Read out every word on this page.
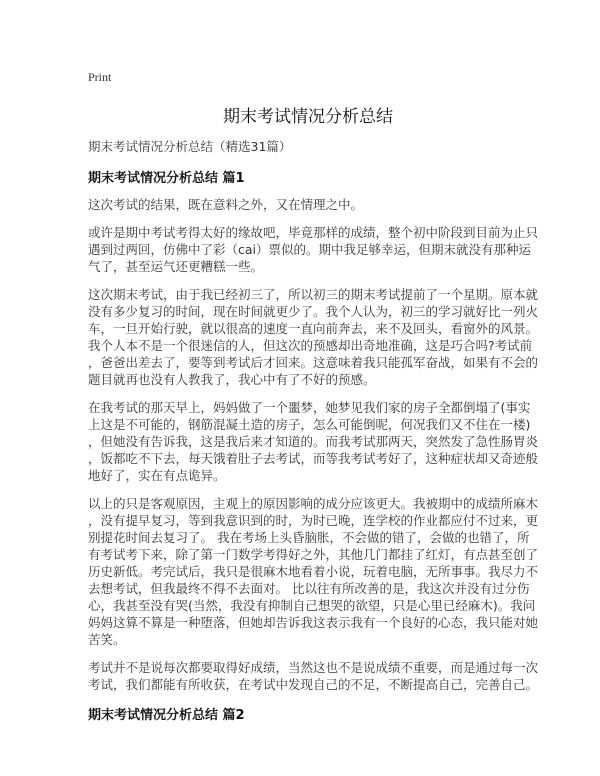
Print
期末考试情况分析总结
期末考试情况分析总结（精选31篇）
期末考试情况分析总结 篇1
这次考试的结果，既在意料之外，又在情理之中。
或许是期中考试考得太好的缘故吧，毕竟那样的成绩，整个初中阶段到目前为止只
遇到过两回，仿佛中了彩（cai）票似的。期中我足够幸运，但期末就没有那种运
气了，甚至运气还更糟糕一些。
这次期末考试，由于我已经初三了，所以初三的期末考试提前了一个星期。原本就
没有多少复习的时间，现在时间就更少了。我个人认为，初三的学习就好比一列火
车，一旦开始行驶，就以很高的速度一直向前奔去，来不及回头，看窗外的风景。
我个人本不是一个很迷信的人，但这次的预感却出奇地准确，这是巧合吗?考试前
，爸爸出差去了，要等到考试后才回来。这意味着我只能孤军奋战，如果有不会的
题目就再也没有人教我了，我心中有了不好的预感。
在我考试的那天早上，妈妈做了一个噩梦，她梦见我们家的房子全都倒塌了(事实
上这是不可能的，钢筋混凝土造的房子，怎么可能倒呢，何况我们又不住在一楼)
，但她没有告诉我，这是我后来才知道的。而我考试那两天，突然发了急性肠胃炎
，饭都吃不下去，每天饿着肚子去考试，而等我考试考好了，这种症状却又奇迹般
地好了，实在有点诡异。
以上的只是客观原因，主观上的原因影响的成分应该更大。我被期中的成绩所麻木
，没有提早复习，等到我意识到的时，为时已晚，连学校的作业都应付不过来，更
别提花时间去复习了。 我在考场上头昏脑胀，不会做的错了，会做的也错了，所
有考试考下来，除了第一门数学考得好之外，其他几门都挂了红灯，有点甚至创了
历史新低。考完试后，我只是很麻木地看着小说，玩着电脑，无所事事。我尽力不
去想考试，但我最终不得不去面对。 比以往有所改善的是，我这次并没有过分伤
心，我甚至没有哭(当然，我没有抑制自己想哭的欲望，只是心里已经麻木)。我问
妈妈这算不算是一种堕落，但她却告诉我这表示我有一个良好的心态，我只能对她
苦笑。
考试并不是说每次都要取得好成绩，当然这也不是说成绩不重要，而是通过每一次
考试，我们都能有所收获，在考试中发现自己的不足，不断提高自己，完善自己。
期末考试情况分析总结 篇2
